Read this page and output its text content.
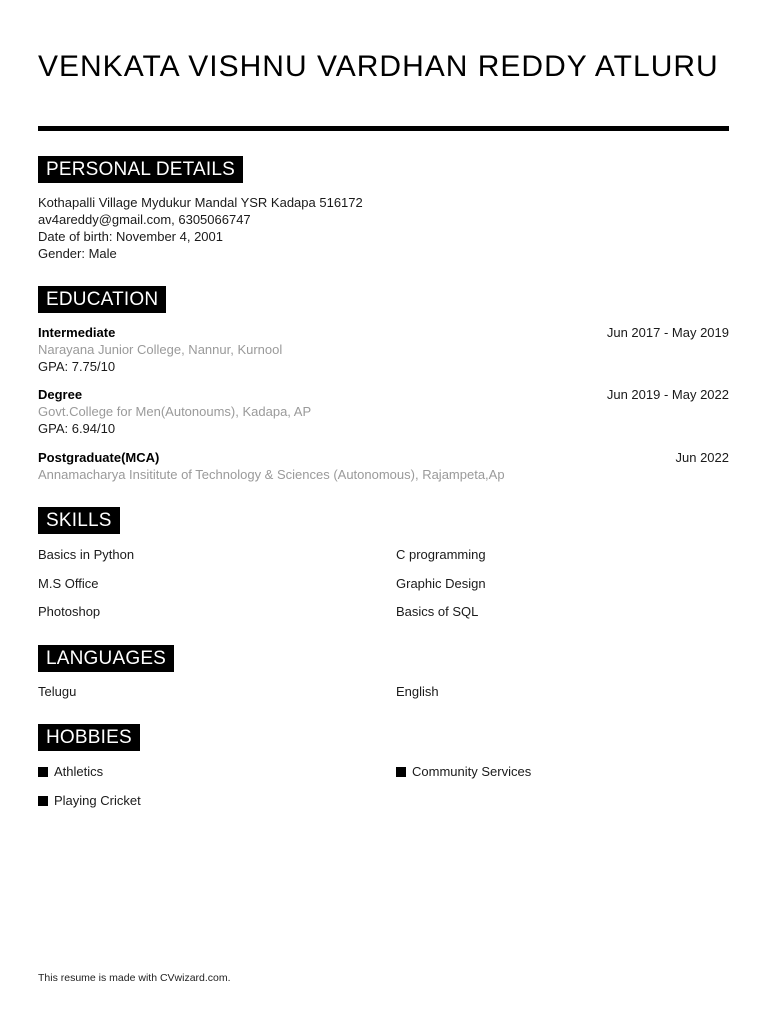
VENKATA VISHNU VARDHAN REDDY ATLURU
PERSONAL DETAILS
Kothapalli Village Mydukur Mandal YSR Kadapa 516172
av4areddy@gmail.com, 6305066747
Date of birth: November 4, 2001
Gender: Male
EDUCATION
Intermediate	Jun 2017 - May 2019
Narayana Junior College, Nannur, Kurnool
GPA: 7.75/10
Degree	Jun 2019 - May 2022
Govt.College for Men(Autonoums), Kadapa, AP
GPA: 6.94/10
Postgraduate(MCA)	Jun 2022
Annamacharya Insititute of Technology & Sciences (Autonomous), Rajampeta,Ap
SKILLS
Basics in Python	C programming
M.S Office	Graphic Design
Photoshop	Basics of SQL
LANGUAGES
Telugu	English
HOBBIES
Athletics	Community Services
Playing Cricket
This resume is made with CVwizard.com.
